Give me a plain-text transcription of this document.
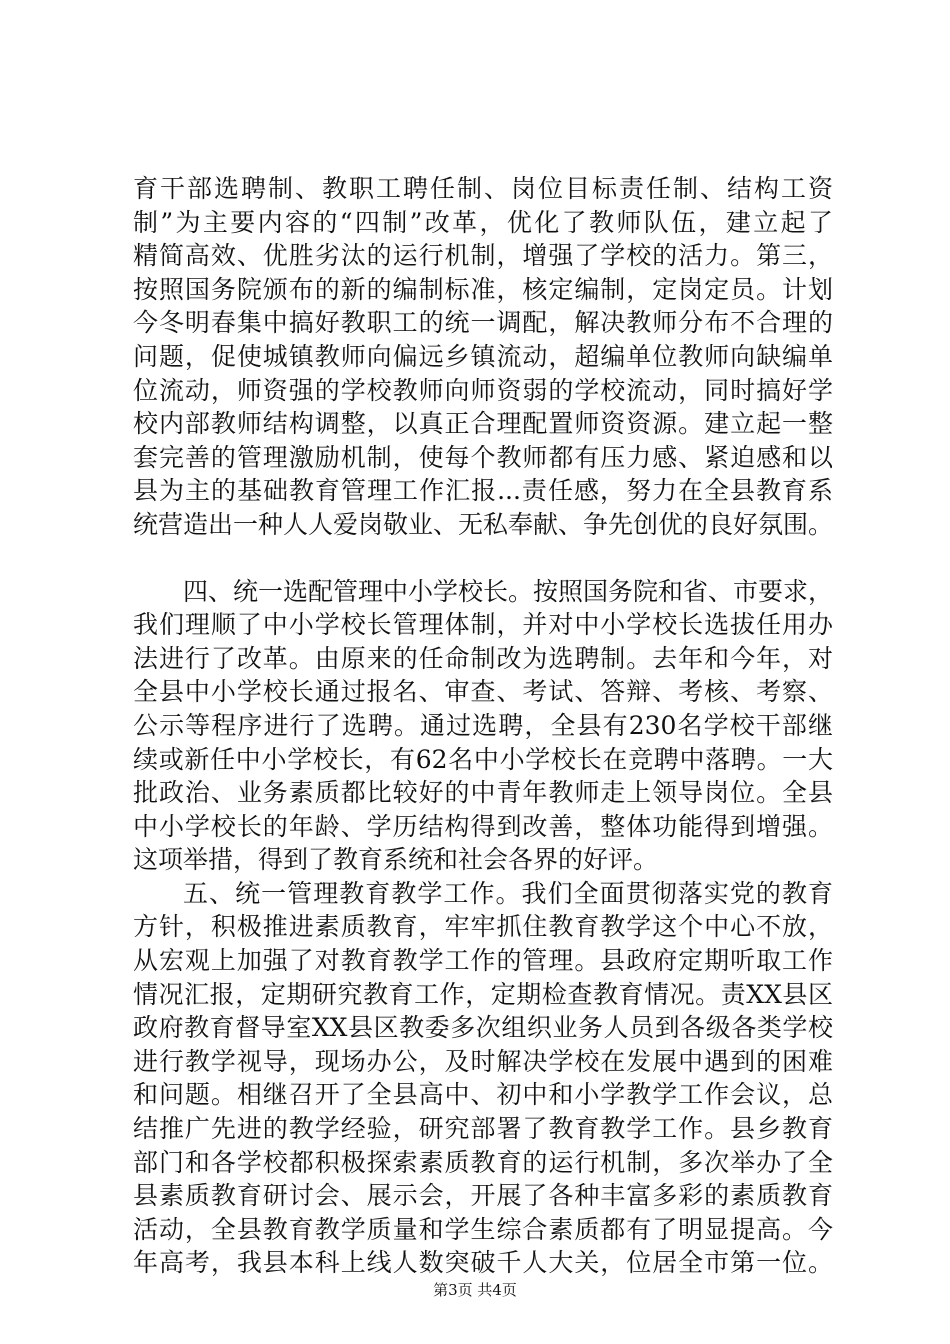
育干部选聘制、教职工聘任制、岗位目标责任制、结构工资
制”为主要内容的“四制”改革，优化了教师队伍，建立起了
精简高效、优胜劣汰的运行机制，增强了学校的活力。第三，
按照国务院颁布的新的编制标准，核定编制，定岗定员。计划
今冬明春集中搞好教职工的统一调配，解决教师分布不合理的
问题，促使城镇教师向偏远乡镇流动，超编单位教师向缺编单
位流动，师资强的学校教师向师资弱的学校流动，同时搞好学
校内部教师结构调整，以真正合理配置师资资源。建立起一整
套完善的管理激励机制，使每个教师都有压力感、紧迫感和以
县为主的基础教育管理工作汇报...责任感，努力在全县教育系
统营造出一种人人爱岗敬业、无私奉献、争先创优的良好氛围。
四、统一选配管理中小学校长。按照国务院和省、市要求，
我们理顺了中小学校长管理体制，并对中小学校长选拔任用办
法进行了改革。由原来的任命制改为选聘制。去年和今年，对
全县中小学校长通过报名、审查、考试、答辩、考核、考察、
公示等程序进行了选聘。通过选聘，全县有230名学校干部继
续或新任中小学校长，有62名中小学校长在竞聘中落聘。一大
批政治、业务素质都比较好的中青年教师走上领导岗位。全县
中小学校长的年龄、学历结构得到改善，整体功能得到增强。
这项举措，得到了教育系统和社会各界的好评。
五、统一管理教育教学工作。我们全面贯彻落实党的教育
方针，积极推进素质教育，牢牢抓住教育教学这个中心不放，
从宏观上加强了对教育教学工作的管理。县政府定期听取工作
情况汇报，定期研究教育工作，定期检查教育情况。责XX县区
政府教育督导室XX县区教委多次组织业务人员到各级各类学校
进行教学视导，现场办公，及时解决学校在发展中遇到的困难
和问题。相继召开了全县高中、初中和小学教学工作会议，总
结推广先进的教学经验，研究部署了教育教学工作。县乡教育
部门和各学校都积极探索素质教育的运行机制，多次举办了全
县素质教育研讨会、展示会，开展了各种丰富多彩的素质教育
活动，全县教育教学质量和学生综合素质都有了明显提高。今
年高考，我县本科上线人数突破千人大关，位居全市第一位。
第3页 共4页
